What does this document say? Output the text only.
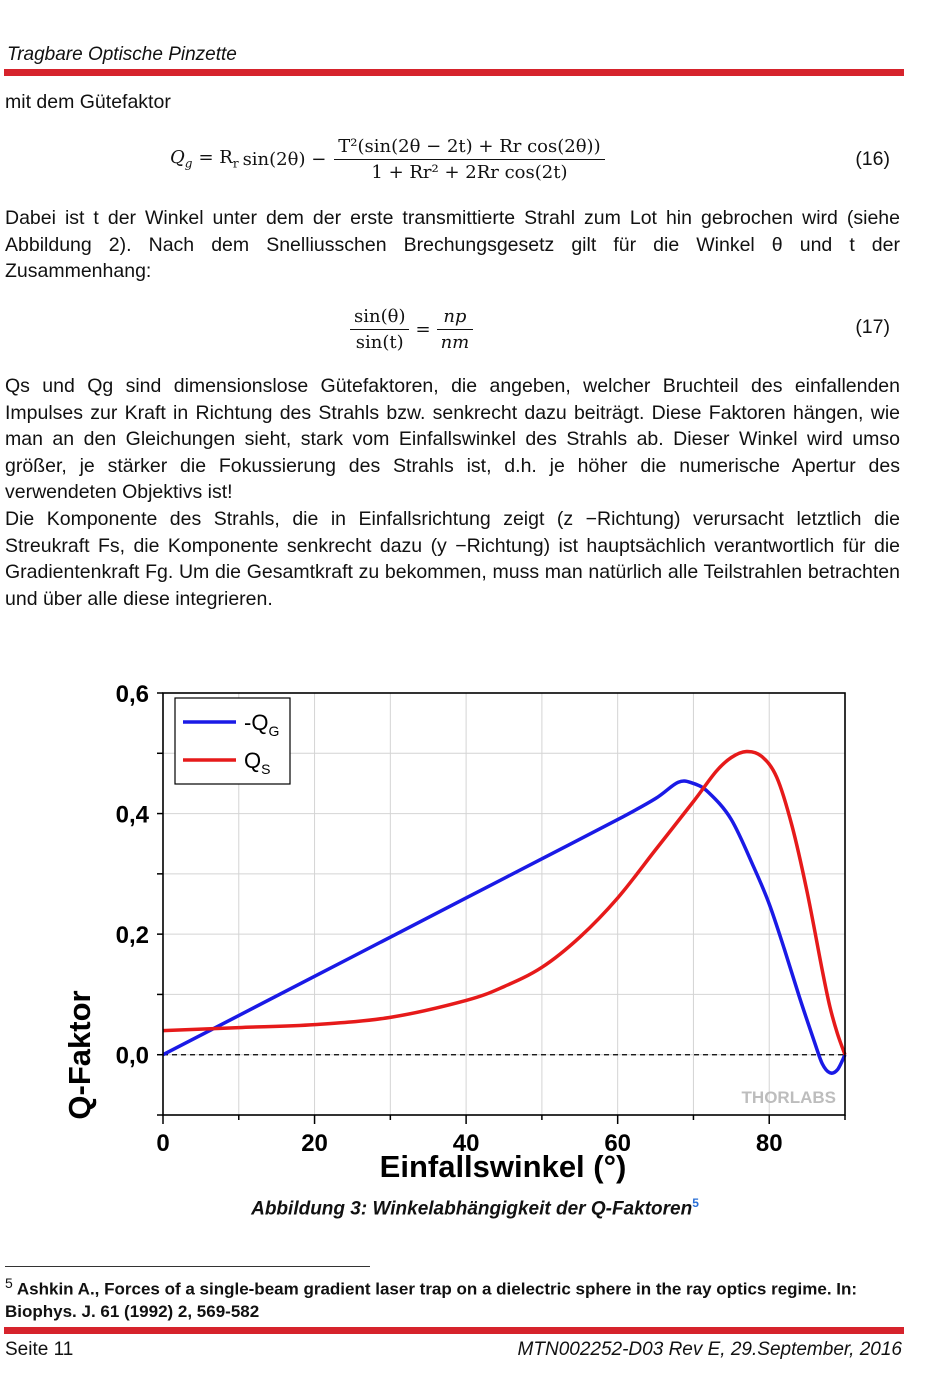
Tragbare Optische Pinzette
mit dem Gütefaktor
$Q_g = R_r$ $\sin(2\theta) - \frac{\text{T²(sin(2θ − 2t) + Rr cos(2θ))}}{\text{1 + Rr² + 2Rr cos(2t)}}$	(16)
Dabei ist t der Winkel unter dem der erste transmittierte Strahl zum Lot hin gebrochen wird (siehe Abbildung 2). Nach dem Snelliusschen Brechungsgesetz gilt für die Winkel θ und t der Zusammenhang:
$\frac{\sin(\theta)}{\sin(t)} = \frac{np}{nm}$	(17)
Qs und Qg sind dimensionslose Gütefaktoren, die angeben, welcher Bruchteil des einfallenden Impulses zur Kraft in Richtung des Strahls bzw. senkrecht dazu beiträgt. Diese Faktoren hängen, wie man an den Gleichungen sieht, stark vom Einfallswinkel des Strahls ab. Dieser Winkel wird umso größer, je stärker die Fokussierung des Strahls ist, d.h. je höher die numerische Apertur des verwendeten Objektivs ist!
Die Komponente des Strahls, die in Einfallsrichtung zeigt (z −Richtung) verursacht letztlich die Streukraft Fs, die Komponente senkrecht dazu (y −Richtung) ist hauptsächlich verantwortlich für die Gradientenkraft Fg. Um die Gesamtkraft zu bekommen, muss man natürlich alle Teilstrahlen betrachten und über alle diese integrieren.
0	20	40	60	80
0,0
0,2
0,4
0,6
Einfallswinkel (°)
Q-Faktor	THORLABS
$-Q_G$
$Q_S$
Abbildung 3: Winkelabhängigkeit der Q-Faktoren$^5$
$^5$ Ashkin A., Forces of a single-beam gradient laser trap on a dielectric sphere in the ray optics regime. In: Biophys. J. 61 (1992) 2, 569-582
Seite 11	MTN002252-D03 Rev E, 29.September, 2016
